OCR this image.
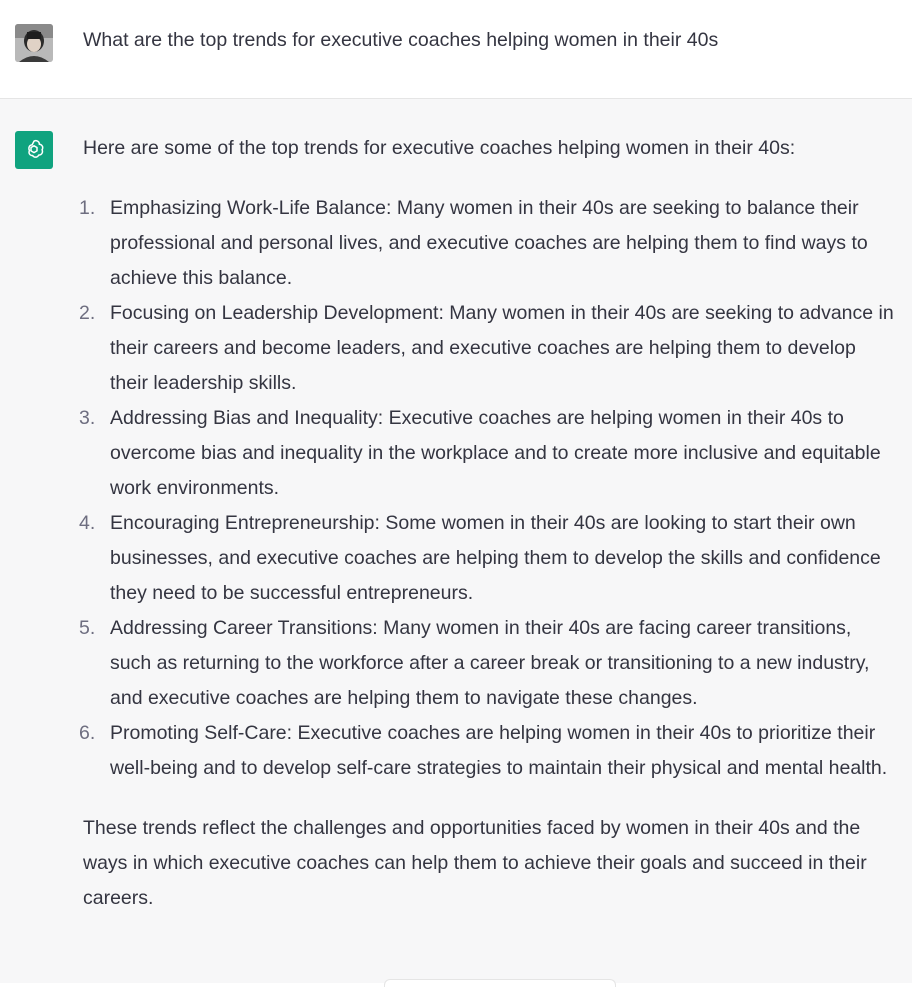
What are the top trends for executive coaches helping women in their 40s

Here are some of the top trends for executive coaches helping women in their 40s:

1. Emphasizing Work-Life Balance: Many women in their 40s are seeking to balance their professional and personal lives, and executive coaches are helping them to find ways to achieve this balance.
2. Focusing on Leadership Development: Many women in their 40s are seeking to advance in their careers and become leaders, and executive coaches are helping them to develop their leadership skills.
3. Addressing Bias and Inequality: Executive coaches are helping women in their 40s to overcome bias and inequality in the workplace and to create more inclusive and equitable work environments.
4. Encouraging Entrepreneurship: Some women in their 40s are looking to start their own businesses, and executive coaches are helping them to develop the skills and confidence they need to be successful entrepreneurs.
5. Addressing Career Transitions: Many women in their 40s are facing career transitions, such as returning to the workforce after a career break or transitioning to a new industry, and executive coaches are helping them to navigate these changes.
6. Promoting Self-Care: Executive coaches are helping women in their 40s to prioritize their well-being and to develop self-care strategies to maintain their physical and mental health.

These trends reflect the challenges and opportunities faced by women in their 40s and the ways in which executive coaches can help them to achieve their goals and succeed in their careers.
